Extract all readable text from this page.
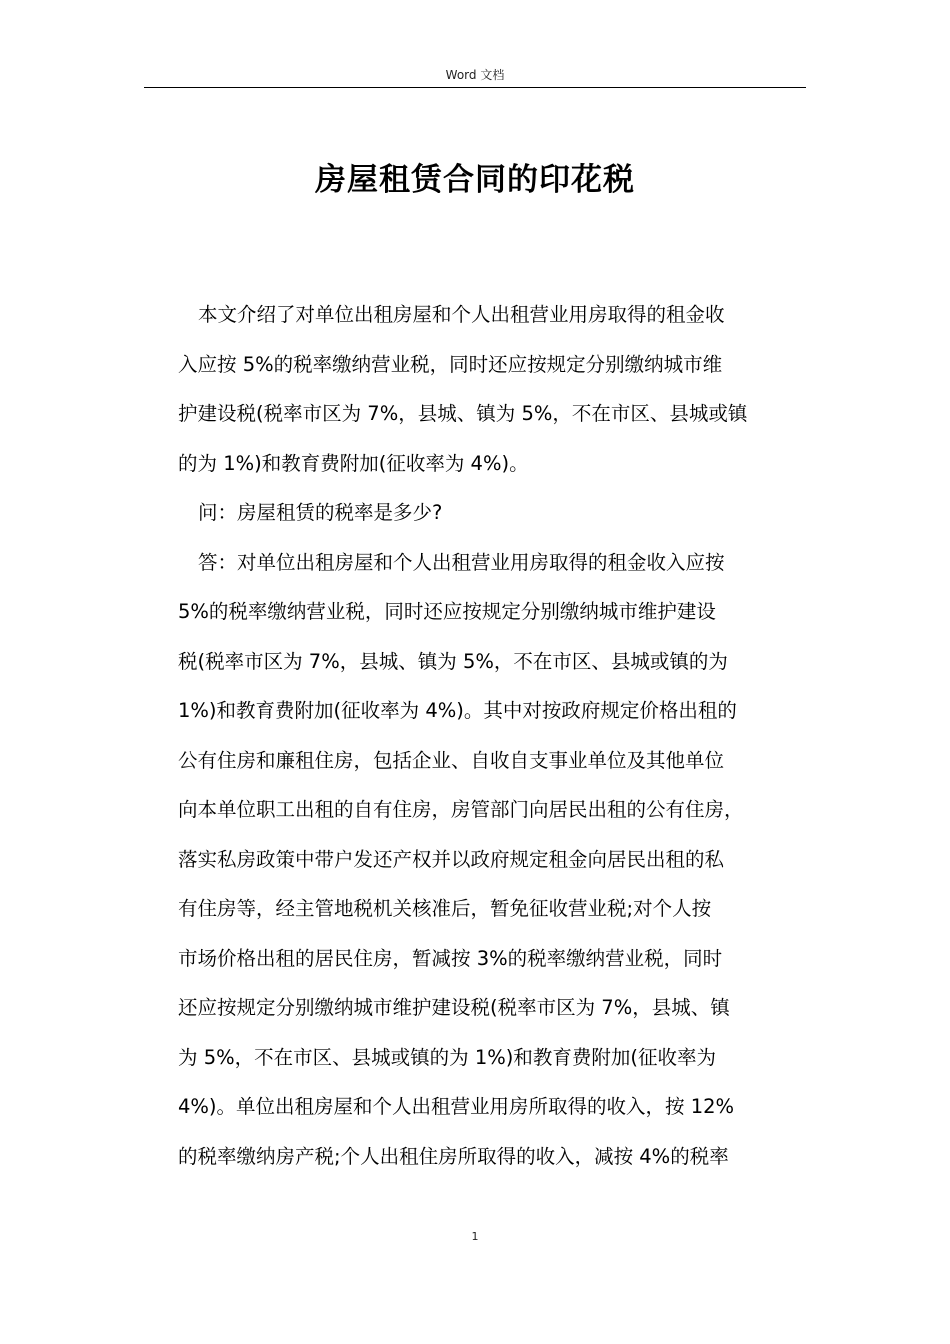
Word 文档
房屋租赁合同的印花税
本文介绍了对单位出租房屋和个人出租营业用房取得的租金收
入应按 5%的税率缴纳营业税，同时还应按规定分别缴纳城市维
护建设税(税率市区为 7%，县城、镇为 5%，不在市区、县城或镇
的为 1%)和教育费附加(征收率为 4%)。
问：房屋租赁的税率是多少?
答：对单位出租房屋和个人出租营业用房取得的租金收入应按
5%的税率缴纳营业税，同时还应按规定分别缴纳城市维护建设
税(税率市区为 7%，县城、镇为 5%，不在市区、县城或镇的为
1%)和教育费附加(征收率为 4%)。其中对按政府规定价格出租的
公有住房和廉租住房，包括企业、自收自支事业单位及其他单位
向本单位职工出租的自有住房，房管部门向居民出租的公有住房，
落实私房政策中带户发还产权并以政府规定租金向居民出租的私
有住房等，经主管地税机关核准后，暂免征收营业税;对个人按
市场价格出租的居民住房，暂减按 3%的税率缴纳营业税，同时
还应按规定分别缴纳城市维护建设税(税率市区为 7%，县城、镇
为 5%，不在市区、县城或镇的为 1%)和教育费附加(征收率为
4%)。单位出租房屋和个人出租营业用房所取得的收入，按 12%
的税率缴纳房产税;个人出租住房所取得的收入，减按 4%的税率
1
